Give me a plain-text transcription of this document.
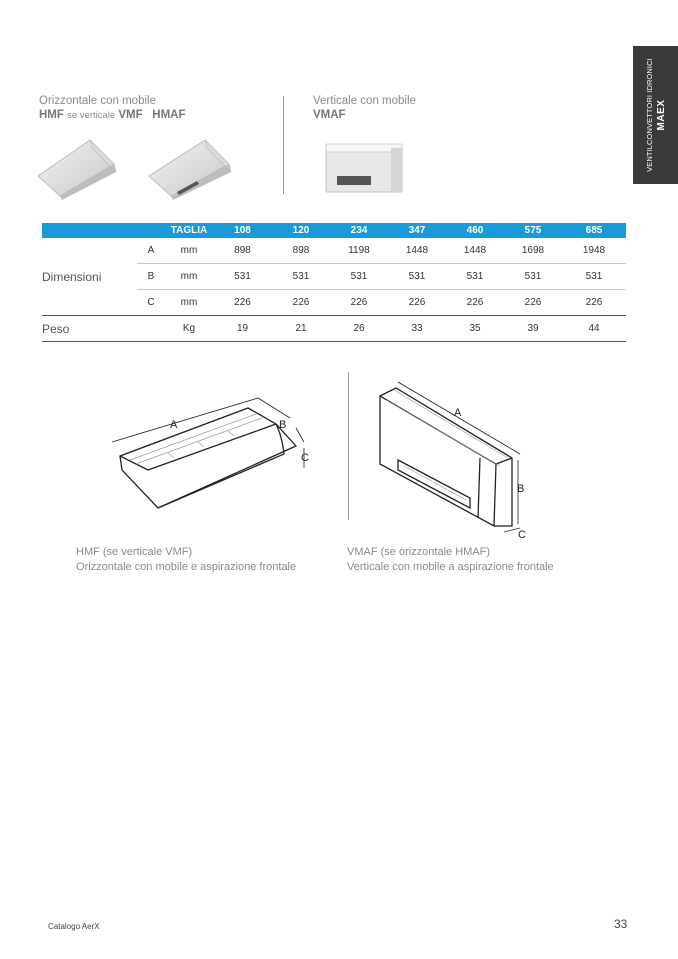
VENTILCONVETTORI IDRONICI MAEX
Orizzontale con mobile
HMF se verticale VMF HMAF
Verticale con mobile
VMAF
		TAGLIA	108	120	234	347	460	575	685
Dimensioni	A	mm	898	898	1198	1448	1448	1698	1948
	B	mm	531	531	531	531	531	531	531
	C	mm	226	226	226	226	226	226	226
Peso		Kg	19	21	26	33	35	39	44
A	B
C
A
B
C
HMF (se verticale VMF)
Orizzontale con mobile e aspirazione frontale
VMAF (se orizzontale HMAF)
Verticale con mobile a aspirazione frontale
Catalogo AerX	33
